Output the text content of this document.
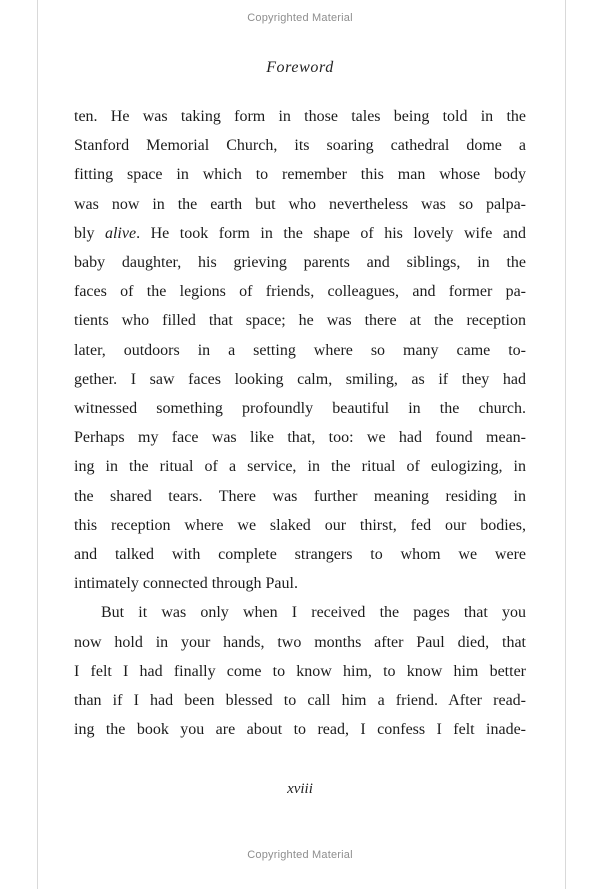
Copyrighted Material
Foreword
ten. He was taking form in those tales being told in the
Stanford Memorial Church, its soaring cathedral dome a
fitting space in which to remember this man whose body
was now in the earth but who nevertheless was so palpa-
bly alive. He took form in the shape of his lovely wife and
baby daughter, his grieving parents and siblings, in the
faces of the legions of friends, colleagues, and former pa-
tients who filled that space; he was there at the reception
later, outdoors in a setting where so many came to-
gether. I saw faces looking calm, smiling, as if they had
witnessed something profoundly beautiful in the church.
Perhaps my face was like that, too: we had found mean-
ing in the ritual of a service, in the ritual of eulogizing, in
the shared tears. There was further meaning residing in
this reception where we slaked our thirst, fed our bodies,
and talked with complete strangers to whom we were
intimately connected through Paul.
But it was only when I received the pages that you
now hold in your hands, two months after Paul died, that
I felt I had finally come to know him, to know him better
than if I had been blessed to call him a friend. After read-
ing the book you are about to read, I confess I felt inade-
xviii
Copyrighted Material
